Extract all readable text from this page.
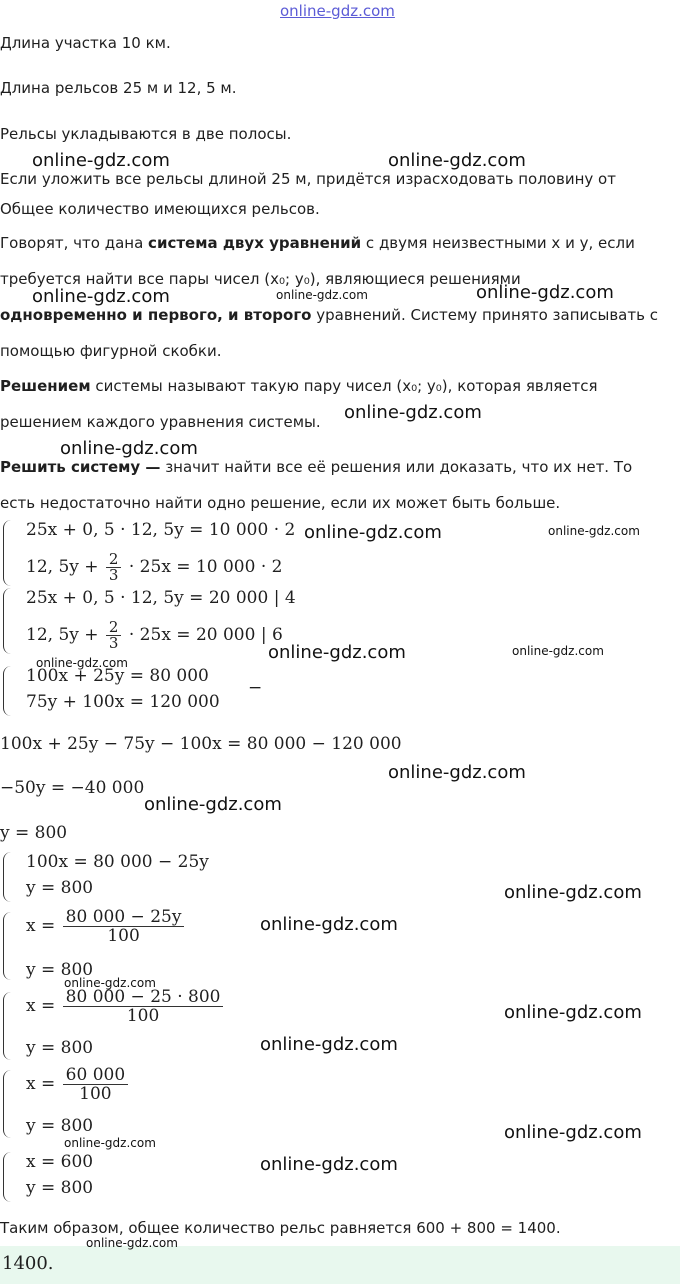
online-gdz.com
Длина участка 10 км.
Длина рельсов 25 м и 12, 5 м.
Рельсы укладываются в две полосы.
Если уложить все рельсы длиной 25 м, придётся израсходовать половину от
Общее количество имеющихся рельсов.
Говорят, что дана система двух уравнений с двумя неизвестными x и y, если
требуется найти все пары чисел (x₀; y₀), являющиеся решениями
одновременно и первого, и второго уравнений. Систему принято записывать с
помощью фигурной скобки.
Решением системы называют такую пару чисел (x₀; y₀), которая является
решением каждого уравнения системы.
Решить систему — значит найти все её решения или доказать, что их нет. То
есть недостаточно найти одно решение, если их может быть больше.
25x + 0, 5 · 12, 5y = 10 000 · 2
12, $5y + \frac{2}{3} \cdot 25x = 10$ 000 · 2
25x + 0, 5 · 12, 5y = 20 000 | 4
12, $5y + \frac{2}{3} \cdot 25x = 20$ 000 | 6
100x + 25y = 80 000
75y + 100x = 120 000
−
100x + 25y − 75y − 100x = 80 000 − 120 000
−50y = −40 000
y = 800
100x = 80 000 − 25y
y = 800
$x = \frac{80 000 - 25y}{100}$
y = 800
$x = \frac{80 000 - 25 \cdot 800}{100}$
y = 800
$x = \frac{60 000}{100}$
y = 800
x = 600
y = 800
Таким образом, общее количество рельс равняется 600 + 800 = 1400.
1400.
online-gdz.com	online-gdz.com
online-gdz.com	online-gdz.com	online-gdz.com
online-gdz.com
online-gdz.com
online-gdz.com	online-gdz.com
online-gdz.com	online-gdz.com	online-gdz.com
online-gdz.com
online-gdz.com
online-gdz.com
online-gdz.com
online-gdz.com
online-gdz.com
online-gdz.com
online-gdz.com	online-gdz.com
online-gdz.com
online-gdz.com
